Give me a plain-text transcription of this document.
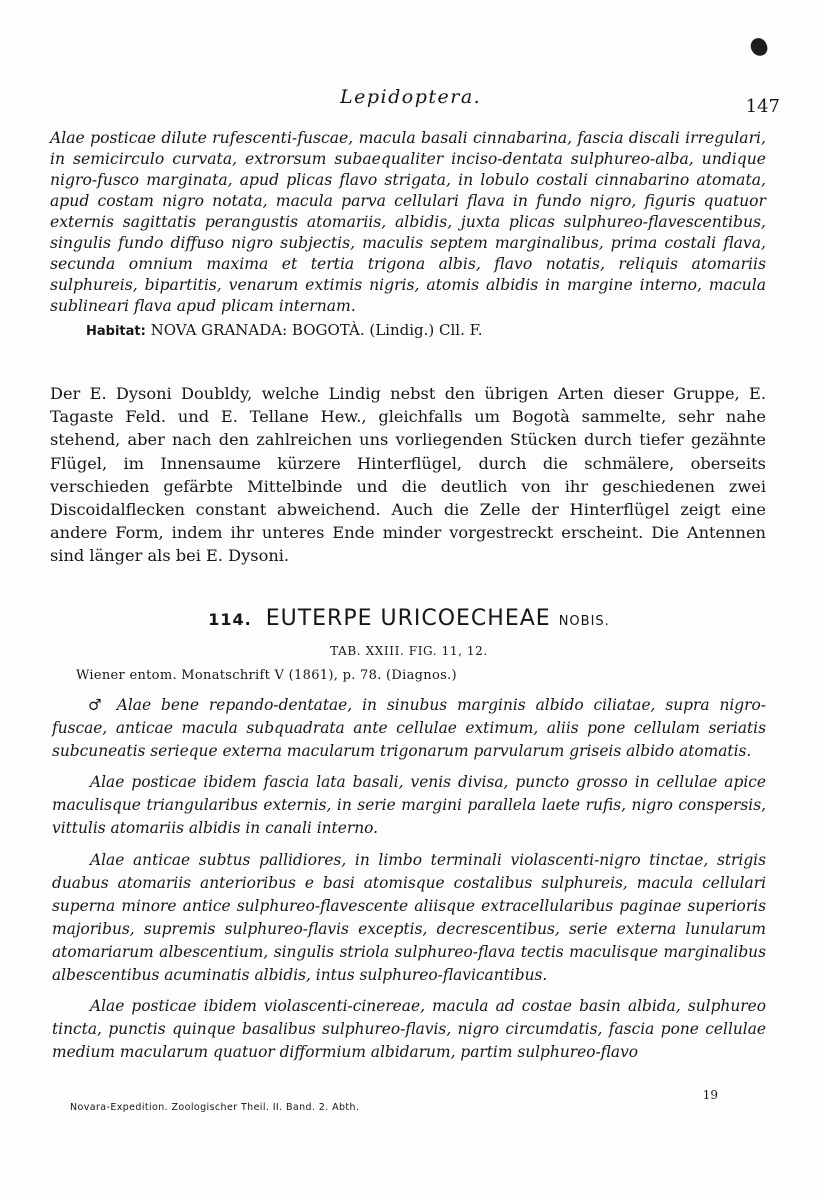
Lepidoptera.	147

Alae posticae dilute rufescenti-fuscae, macula basali cinnabarina, fascia discali irregulari, in semicirculo curvata, extrorsum subaequaliter inciso-dentata sulphureo-alba, undique nigro-fusco marginata, apud plicas flavo strigata, in lobulo costali cinnabarino atomata, apud costam nigro notata, macula parva cellulari flava in fundo nigro, figuris quatuor externis sagittatis perangustis atomariis, albidis, juxta plicas sulphureo-flavescentibus, singulis fundo diffuso nigro subjectis, maculis septem marginalibus, prima costali flava, secunda omnium maxima et tertia trigona albis, flavo notatis, reliquis atomariis sulphureis, bipartitis, venarum extimis nigris, atomis albidis in margine interno, macula sublineari flava apud plicam internam.

Habitat: NOVA GRANADA: BOGOTÀ. (Lindig.) Cll. F.

Der E. Dysoni Doubldy, welche Lindig nebst den übrigen Arten dieser Gruppe, E. Tagaste Feld. und E. Tellane Hew., gleichfalls um Bogotà sammelte, sehr nahe stehend, aber nach den zahlreichen uns vorliegenden Stücken durch tiefer gezähnte Flügel, im Innensaume kürzere Hinterflügel, durch die schmälere, oberseits verschieden gefärbte Mittelbinde und die deutlich von ihr geschiedenen zwei Discoidalflecken constant abweichend. Auch die Zelle der Hinterflügel zeigt eine andere Form, indem ihr unteres Ende minder vorgestreckt erscheint. Die Antennen sind länger als bei E. Dysoni.

114. EUTERPE URICOECHEAE NOBIS.
TAB. XXIII. FIG. 11, 12.
Wiener entom. Monatschrift V (1861), p. 78. (Diagnos.)

♂ Alae bene repando-dentatae, in sinubus marginis albido ciliatae, supra nigro-fuscae, anticae macula subquadrata ante cellulae extimum, aliis pone cellulam seriatis subcuneatis serieque externa macularum trigonarum parvularum griseis albido atomatis.

Alae posticae ibidem fascia lata basali, venis divisa, puncto grosso in cellulae apice maculisque triangularibus externis, in serie margini parallela laete rufis, nigro conspersis, vittulis atomariis albidis in canali interno.

Alae anticae subtus pallidiores, in limbo terminali violascenti-nigro tinctae, strigis duabus atomariis anterioribus e basi atomisque costalibus sulphureis, macula cellulari superna minore antice sulphureo-flavescente aliisque extracellularibus paginae superioris majoribus, supremis sulphureo-flavis exceptis, decrescentibus, serie externa lunularum atomariarum albescentium, singulis striola sulphureo-flava tectis maculisque marginalibus albescentibus acuminatis albidis, intus sulphureo-flavicantibus.

Alae posticae ibidem violascenti-cinereae, macula ad costae basin albida, sulphureo tincta, punctis quinque basalibus sulphureo-flavis, nigro circumdatis, fascia pone cellulae medium macularum quatuor difformium albidarum, partim sulphureo-flavo

19
Novara-Expedition. Zoologischer Theil. II. Band. 2. Abth.
